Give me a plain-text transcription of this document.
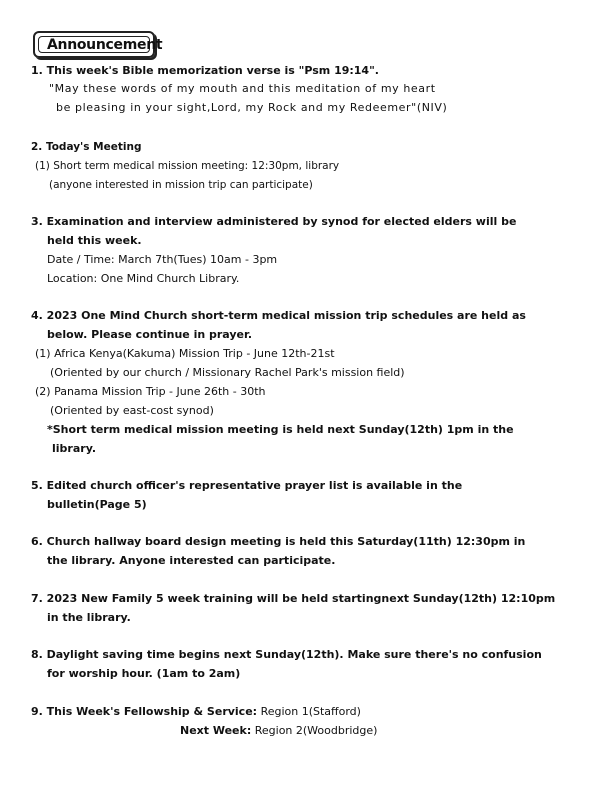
Announcement
1. This week's Bible memorization verse is "Psm 19:14".
"May these words of my mouth and this meditation of my heart
be pleasing in your sight,Lord, my Rock and my Redeemer"(NIV)
2. Today's Meeting
(1) Short term medical mission meeting: 12:30pm, library
(anyone interested in mission trip can participate)
3. Examination and interview administered by synod for elected elders will be
held this week.
Date / Time: March 7th(Tues) 10am - 3pm
Location: One Mind Church Library.
4. 2023 One Mind Church short-term medical mission trip schedules are held as
below. Please continue in prayer.
(1) Africa Kenya(Kakuma) Mission Trip - June 12th-21st
(Oriented by our church / Missionary Rachel Park's mission field)
(2) Panama Mission Trip - June 26th - 30th
(Oriented by east-cost synod)
*Short term medical mission meeting is held next Sunday(12th) 1pm in the
library.
5. Edited church officer's representative prayer list is available in the
bulletin(Page 5)
6. Church hallway board design meeting is held this Saturday(11th) 12:30pm in
the library. Anyone interested can participate.
7. 2023 New Family 5 week training will be held startingnext Sunday(12th) 12:10pm
in the library.
8. Daylight saving time begins next Sunday(12th). Make sure there's no confusion
for worship hour. (1am to 2am)
9. This Week's Fellowship & Service: Region 1(Stafford)
Next Week: Region 2(Woodbridge)
